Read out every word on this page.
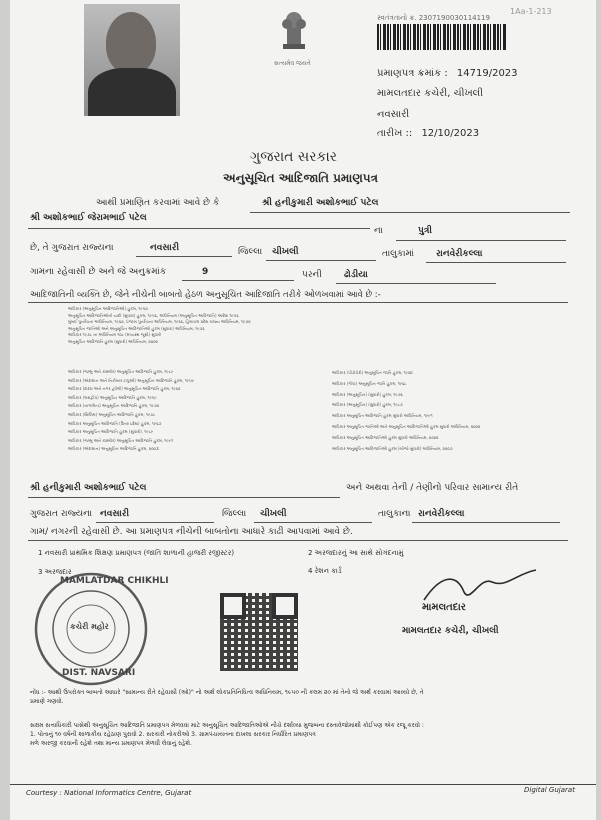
સત્યમેવ જયતે
1Aa-1-213
સ્વતંત્રતાનો ક્ર. 2307190030114119
પ્રમાણપત્ર ક્રમાંક : 14719/2023
મામલતદાર કચેરી, ચીખલી
નવસારી
તારીખ :: 12/10/2023
ગુજરાત સરકાર
અનુસૂચિત આદિજાતિ પ્રમાણપત્ર
આથી પ્રમાણિત કરવામાં આવે છે કે	શ્રી હનીકુમારી અશોકભાઈ પટેલ
શ્રી અશોકભાઈ જેરામભાઈ પટેલ
ના	પુત્રી
છે, તે ગુજરાત રાજ્યના	નવસારી	જિલ્લા ચીખલી	તાલુકામાં રાનવેરીકલ્લા
ગામના રહેવાસી છે અને જે અનુક્રમાંક	9	પરની ઢોડીયા
આદિજાતિની વ્યક્તિ છે, જેને નીચેની બાબતો હેઠળ અનુસૂચિત આદિજાતિ તરીકે ઓળખવામાં આવે છે :-
અધિકાર (અનુસૂચિત આદિજાતિઓ) હુકમ, ૧૯૫૦
અનુસૂચિત આદિજાતિઓની યાદી (સુધારા) હુકમ, ૧૯૫૬, અધિનિયમ (અનુસૂચિત આદિજાતિ) આદેશ ૧૯૫૬
મુંબઈ પુનર્રચના અધિનિયમ, ૧૯૬૦, પંજાબ પુનર્રચના અધિનિયમ, ૧૯૬૬, હિમાચલ પ્રદેશ રાજ્ય અધિનિયમ, ૧૯૭૦
અનુસૂચિત જાતિઓ અને અનુસૂચિત આદિજાતિઓ હુકમ (સુધારા) અધિનિયમ, ૧૯૭૬
અધિકાર ૧૯૭૮ ના અધિનિયમ ૧૦૮ (મધ્યસ્થ જૂથો) સુધારો
અનુસૂચિત આદિજાતિ હુકમ (સુધારો) અધિનિયમ, ૨૦૦૨
અધિકાર (જમ્મુ અને કાશ્મીર) અનુસૂચિત આદિજાતિ હુકમ, ૧૯૮૯
અધિકાર (અંદામાન અને નિકોબાર ટાપુઓ) અનુસૂચિત આદિજાતિ હુકમ, ૧૯૫૯
અધિકાર (દાદરા અને નગર હવેલી) અનુસૂચિત આદિજાતિ હુકમ, ૧૯૬૨
અધિકાર (લક્ષદ્વીપ) અનુસૂચિત આદિજાતિ હુકમ, ૧૯૫૯
અધિકાર (નાગાલેન્ડ) અનુસૂચિત આદિજાતિ હુકમ, ૧૯૭૦
અધિકાર (સિક્કિમ) અનુસૂચિત આદિજાતિ હુકમ, ૧૯૭૮
અધિકાર અનુસૂચિત આદિજાતિ (ઉત્તર પ્રદેશ) હુકમ, ૧૯૬૭
અધિકાર અનુસૂચિત આદિજાતિ હુકમ (સુધારો), ૧૯૮૯
અધિકાર (જમ્મુ અને કાશ્મીર) અનુસૂચિત આદિજાતિ હુકમ, ૧૯૯૧
અધિકાર (અંદામાન) અનુસૂચિત આદિજાતિ હુકમ, ૨૦૦૩
અધિકાર (પોંડીચેરી) અનુસૂચિત જાતિ હુકમ, ૧૯૬૪
અધિકાર (ગોવા) અનુસૂચિત જાતિ હુકમ, ૧૯૬૮
અધિકાર (અનુસૂચિત) (સુધારો) હુકમ, ૧૯૭૬
અધિકાર (અનુસૂચિત) (સુધારો) હુકમ, ૧૯૮૭
અધિકાર અનુસૂચિત આદિજાતિ હુકમ સુધારો અધિનિયમ, ૧૯૯૧
અધિકાર અનુસૂચિત જાતિઓ અને અનુસૂચિત આદિજાતિઓ હુકમ સુધારો અધિનિયમ, ૨૦૦૨
અધિકાર અનુસૂચિત આદિજાતિઓ હુકમ સુધારો અધિનિયમ, ૨૦૦૨
અધિકાર અનુસૂચિત આદિજાતિઓ હુકમ (બીજો સુધારો) અધિનિયમ, ૨૦૦૭
શ્રી હનીકુમારી અશોકભાઈ પટેલ	અને અથવા તેની / તેણીનો પરિવાર સામાન્ય રીતે
ગુજરાત રાજ્યના નવસારી	જિલ્લા ચીખલી	તાલુકાના રાનવેરીકલ્લા
ગામ/ નગરની રહેવાસી છે. આ પ્રમાણપત્ર નીચેની બાબતોના આધારે કાઢી આપવામાં આવે છે.
1 નવસારી પ્રાથમિક શિક્ષણ પ્રમાણપત્ર (જાતિ શાળાની હાજરી રજીસ્ટર)	2 અરજદારનું આ સાથે સોગંદનામું
3 અરજદાર	4 રેશન કાર્ડ
MAMLATDAR CHIKHLI
કચેરી મહોર
DIST. NAVSARI
મામલતદાર
મામલતદાર કચેરી, ચીખલી
નોંધ :- આથી ઉપરોક્ત બાબતો આધારે "સામાન્ય રીતે રહેવાસી (ઓ)" નો અર્થ લોકપ્રતિનિધિત્વ અધિનિયમ, ૧૯૫૦ ની કલમ ૨૦ માં તેનો જે અર્થ કરવામાં આવ્યો છે, તે
પ્રમાણે ગણવો.
સક્ષમ સત્તાધિકારી પાસેથી અનુસૂચિત આદિજાતિ પ્રમાણપત્ર મેળવવા માટે અનુસૂચિત આદિજાતિઓએ નીચે દર્શાવ્યા મુજબના દસ્તાવેજોમાંથી કોઈપણ એક રજૂ કરવો :
1. પોતાનું ૧૦ વર્ષની શાળાકીય રહેઠાણ પુરાવો 2. સરકારી નોકરીઓ 3. ગ્રામપંચાયતના દાખલા સરકાર નિર્ધારિત પ્રમાણપત્ર
મળે અરજી કરવાની રહેશે તથા માન્ય પ્રમાણપત્ર મેળવી લેવાનું રહેશે.
Courtesy : National Informatics Centre, Gujarat	Digital Gujarat
